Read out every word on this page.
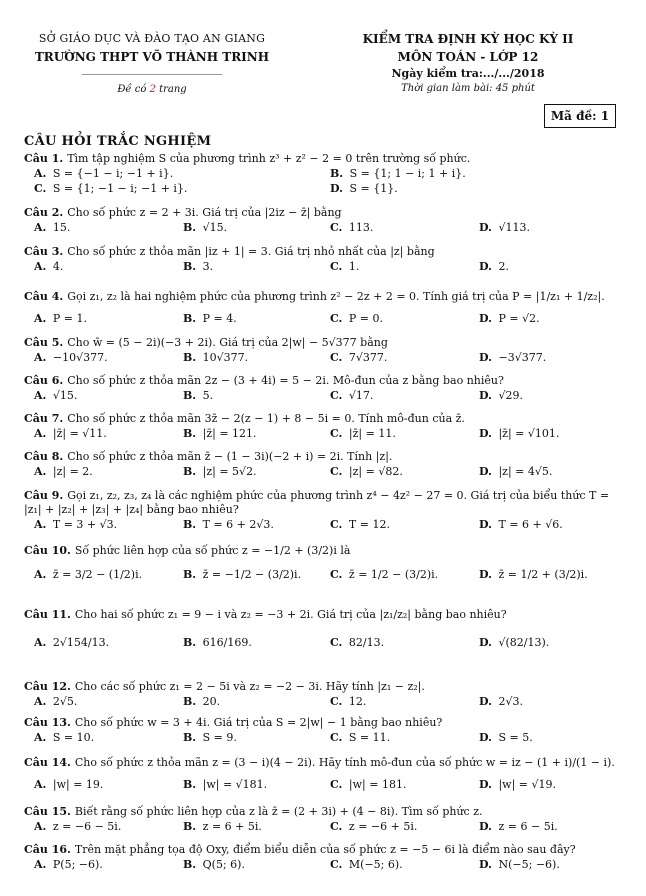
SỞ GIÁO DỤC VÀ ĐÀO TẠO AN GIANG
TRƯỜNG THPT VÕ THÀNH TRINH
Đề có 2 trang
KIỂM TRA ĐỊNH KỲ HỌC KỲ II
MÔN TOÁN - LỚP 12
Ngày kiểm tra:.../.../2018
Thời gian làm bài: 45 phút
Mã đề: 1
CÂU HỎI TRẮC NGHIỆM
Câu 1. Tìm tập nghiệm S của phương trình z³ + z² − 2 = 0 trên trường số phức.
A. S = {−1 − i; −1 + i}.	B. S = {1; 1 − i; 1 + i}.
C. S = {1; −1 − i; −1 + i}.	D. S = {1}.
Câu 2. Cho số phức z = 2 + 3i. Giá trị của |2iz − z̄| bằng
A. 15.	B. √15.	C. 113.	D. √113.
Câu 3. Cho số phức z thỏa mãn |iz + 1| = 3. Giá trị nhỏ nhất của |z| bằng
A. 4.	B. 3.	C. 1.	D. 2.
Câu 4. Gọi z₁, z₂ là hai nghiệm phức của phương trình z² − 2z + 2 = 0. Tính giá trị của P = |1/z₁ + 1/z₂|.
A. P = 1.	B. P = 4.	C. P = 0.	D. P = √2.
Câu 5. Cho w̄ = (5 − 2i)(−3 + 2i). Giá trị của 2|w| − 5√377 bằng
A. −10√377.	B. 10√377.	C. 7√377.	D. −3√377.
Câu 6. Cho số phức z thỏa mãn 2z − (3 + 4i) = 5 − 2i. Mô-đun của z bằng bao nhiêu?
A. √15.	B. 5.	C. √17.	D. √29.
Câu 7. Cho số phức z thỏa mãn 3z̄ − 2(z − 1) + 8 − 5i = 0. Tính mô-đun của z̄.
A. |z̄| = √11.	B. |z̄| = 121.	C. |z̄| = 11.	D. |z̄| = √101.
Câu 8. Cho số phức z thỏa mãn z̄ − (1 − 3i)(−2 + i) = 2i. Tính |z|.
A. |z| = 2.	B. |z| = 5√2.	C. |z| = √82.	D. |z| = 4√5.
Câu 9. Gọi z₁, z₂, z₃, z₄ là các nghiệm phức của phương trình z⁴ − 4z² − 27 = 0. Giá trị của biểu thức T = |z₁| + |z₂| + |z₃| + |z₄| bằng bao nhiêu?
A. T = 3 + √3.	B. T = 6 + 2√3.	C. T = 12.	D. T = 6 + √6.
Câu 10. Số phức liên hợp của số phức z = −1/2 + (3/2)i là
A. z̄ = 3/2 − (1/2)i.	B. z̄ = −1/2 − (3/2)i.	C. z̄ = 1/2 − (3/2)i.	D. z̄ = 1/2 + (3/2)i.
Câu 11. Cho hai số phức z₁ = 9 − i và z₂ = −3 + 2i. Giá trị của |z₁/z₂| bằng bao nhiêu?
A. 2√154/13.	B. 616/169.	C. 82/13.	D. √(82/13).
Câu 12. Cho các số phức z₁ = 2 − 5i và z₂ = −2 − 3i. Hãy tính |z₁ − z₂|.
A. 2√5.	B. 20.	C. 12.	D. 2√3.
Câu 13. Cho số phức w = 3 + 4i. Giá trị của S = 2|w| − 1 bằng bao nhiêu?
A. S = 10.	B. S = 9.	C. S = 11.	D. S = 5.
Câu 14. Cho số phức z thỏa mãn z = (3 − i)(4 − 2i). Hãy tính mô-đun của số phức w = iz − (1 + i)/(1 − i).
A. |w| = 19.	B. |w| = √181.	C. |w| = 181.	D. |w| = √19.
Câu 15. Biết rằng số phức liên hợp của z là z̄ = (2 + 3i) + (4 − 8i). Tìm số phức z.
A. z = −6 − 5i.	B. z = 6 + 5i.	C. z = −6 + 5i.	D. z = 6 − 5i.
Câu 16. Trên mặt phẳng tọa độ Oxy, điểm biểu diễn của số phức z = −5 − 6i là điểm nào sau đây?
A. P(5; −6).	B. Q(5; 6).	C. M(−5; 6).	D. N(−5; −6).
